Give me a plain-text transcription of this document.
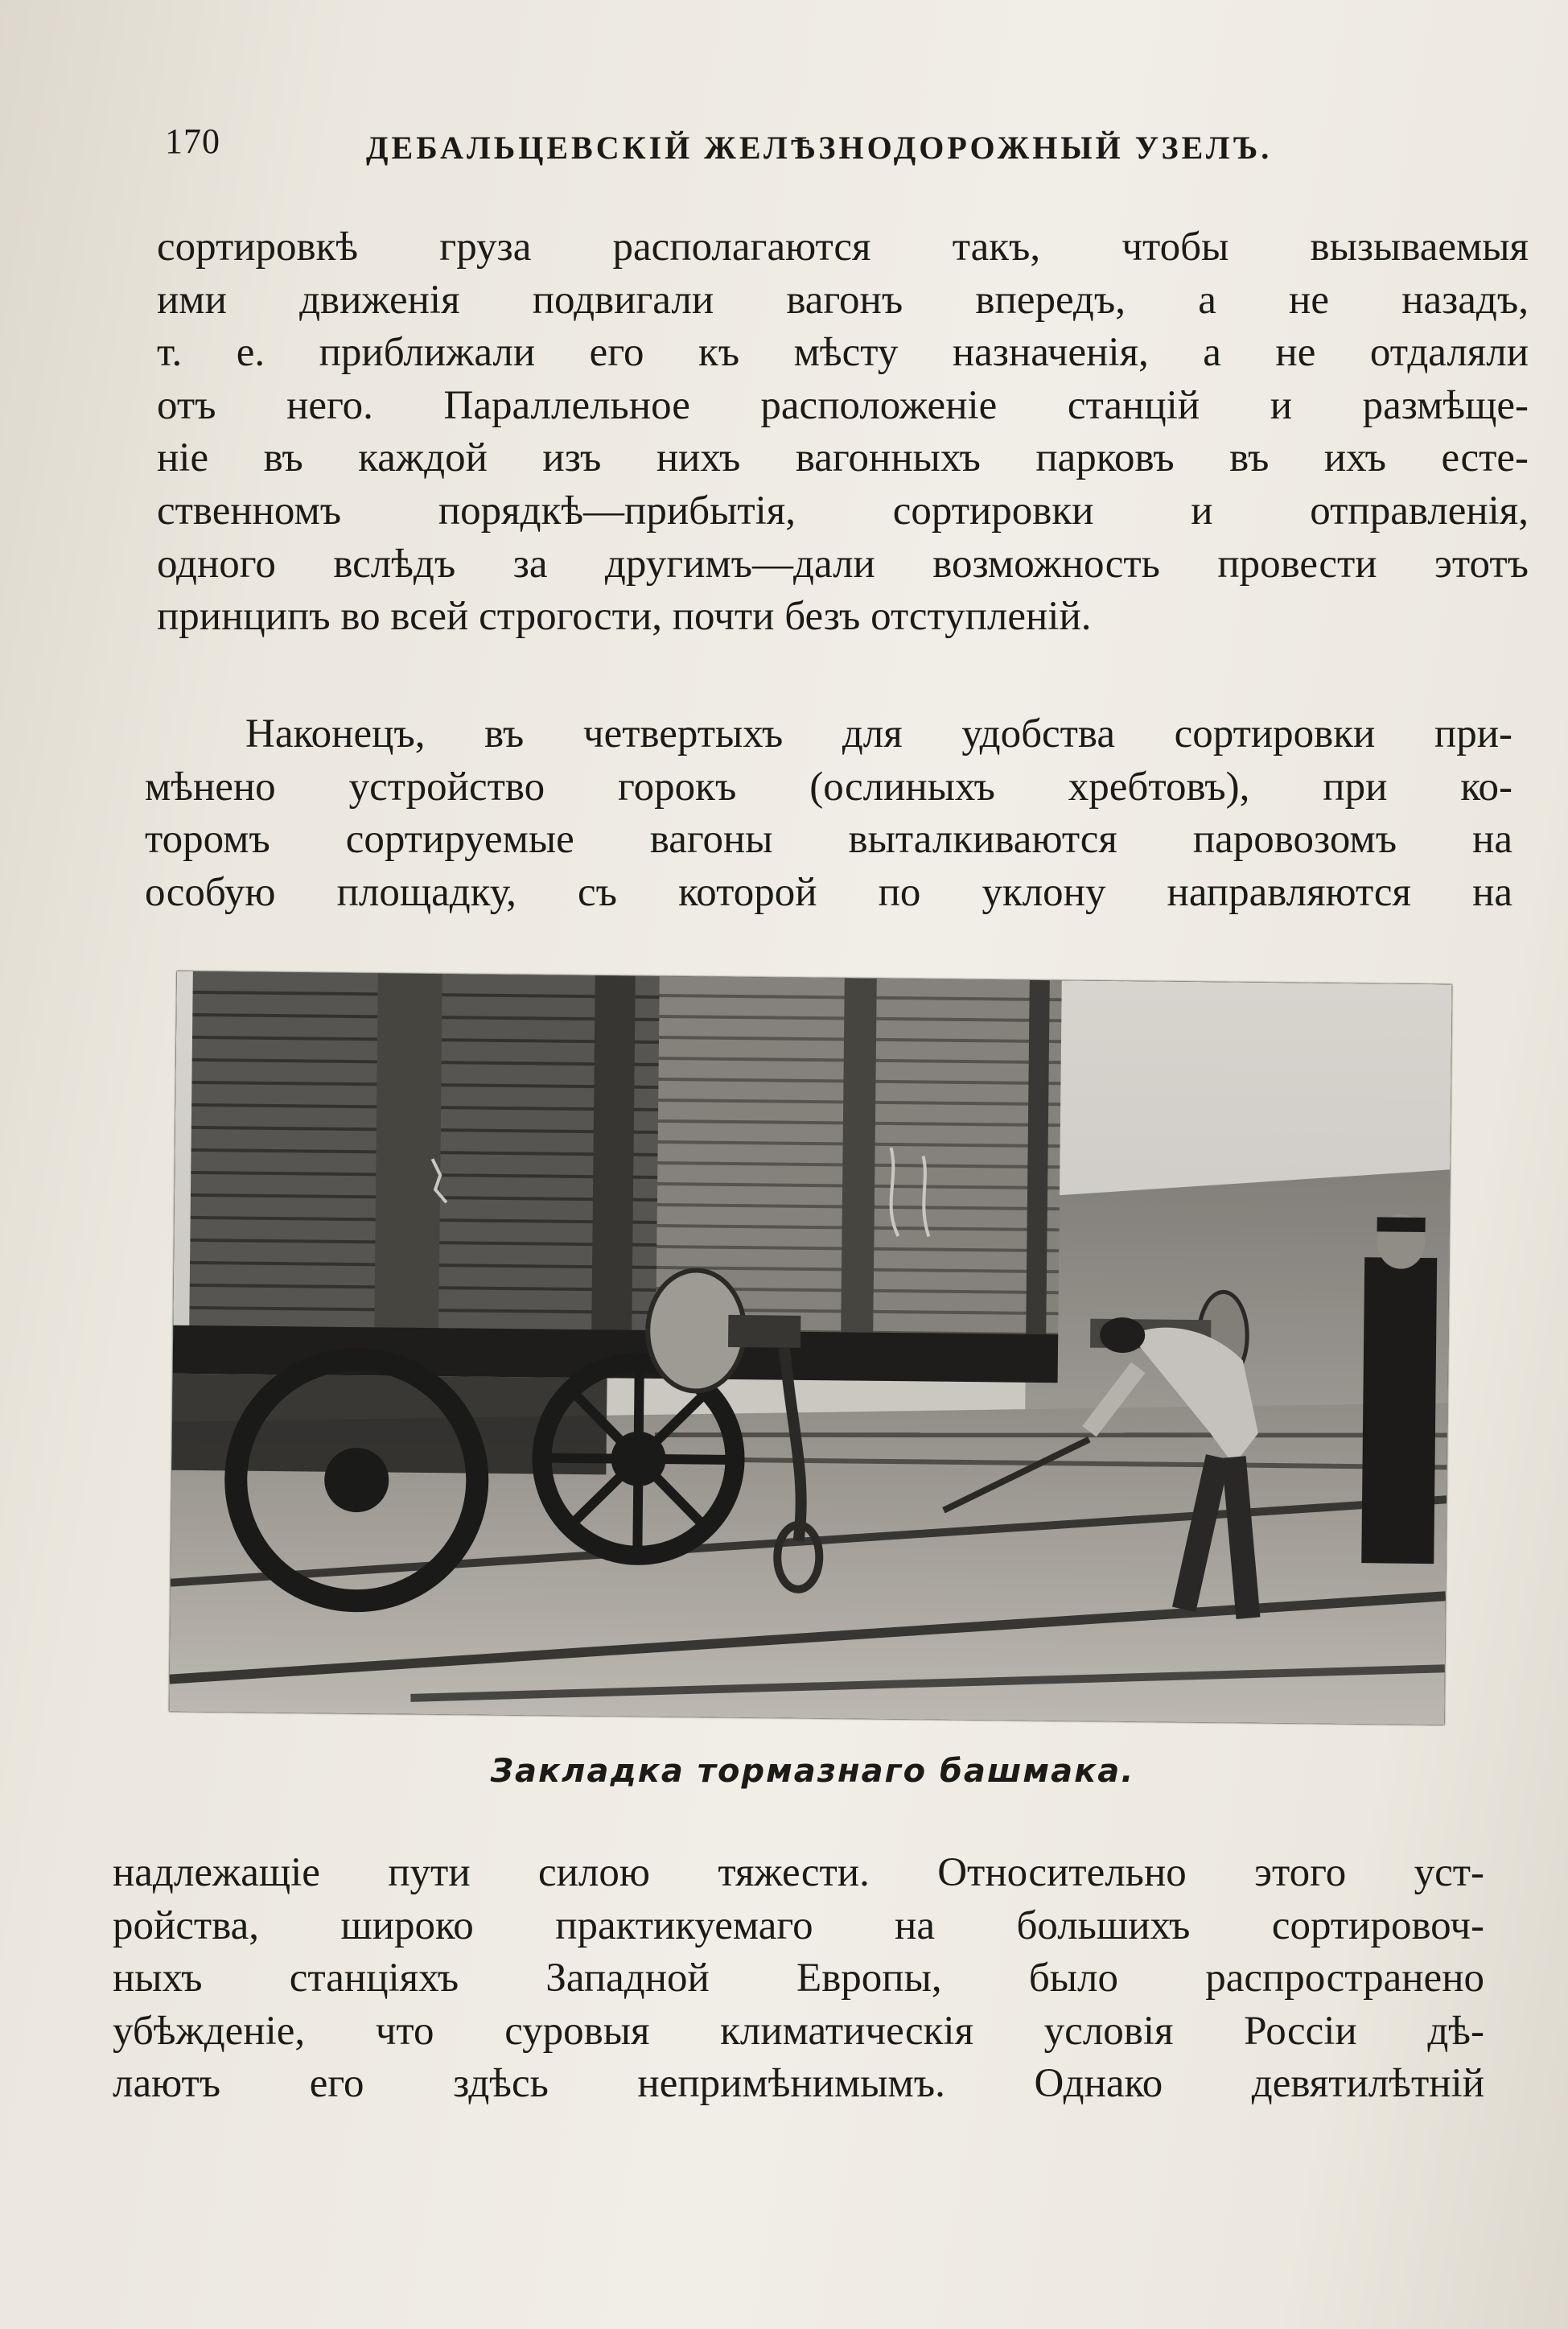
170	ДЕБАЛЬЦЕВСКІЙ ЖЕЛѢЗНОДОРОЖНЫЙ УЗЕЛЪ.
сортировкѣ груза располагаются такъ, чтобы вызываемыя
ими движенія подвигали вагонъ впередъ, а не назадъ,
т. е. приближали его къ мѣсту назначенія, а не отдаляли
отъ него. Параллельное расположеніе станцій и размѣще-
ніе въ каждой изъ нихъ вагонныхъ парковъ въ ихъ есте-
ственномъ порядкѣ—прибытія, сортировки и отправленія,
одного вслѣдъ за другимъ—дали возможность провести этотъ
принципъ во всей строгости, почти безъ отступленій.
Наконецъ, въ четвертыхъ для удобства сортировки при-
мѣнено устройство горокъ (ослиныхъ хребтовъ), при ко-
торомъ сортируемые вагоны выталкиваются паровозомъ на
особую площадку, съ которой по уклону направляются на
Закладка тормазнаго башмака.
надлежащіе пути силою тяжести. Относительно этого уст-
ройства, широко практикуемаго на большихъ сортировоч-
ныхъ станціяхъ Западной Европы, было распространено
убѣжденіе, что суровыя климатическія условія Россіи дѣ-
лаютъ его здѣсь непримѣнимымъ. Однако девятилѣтній
